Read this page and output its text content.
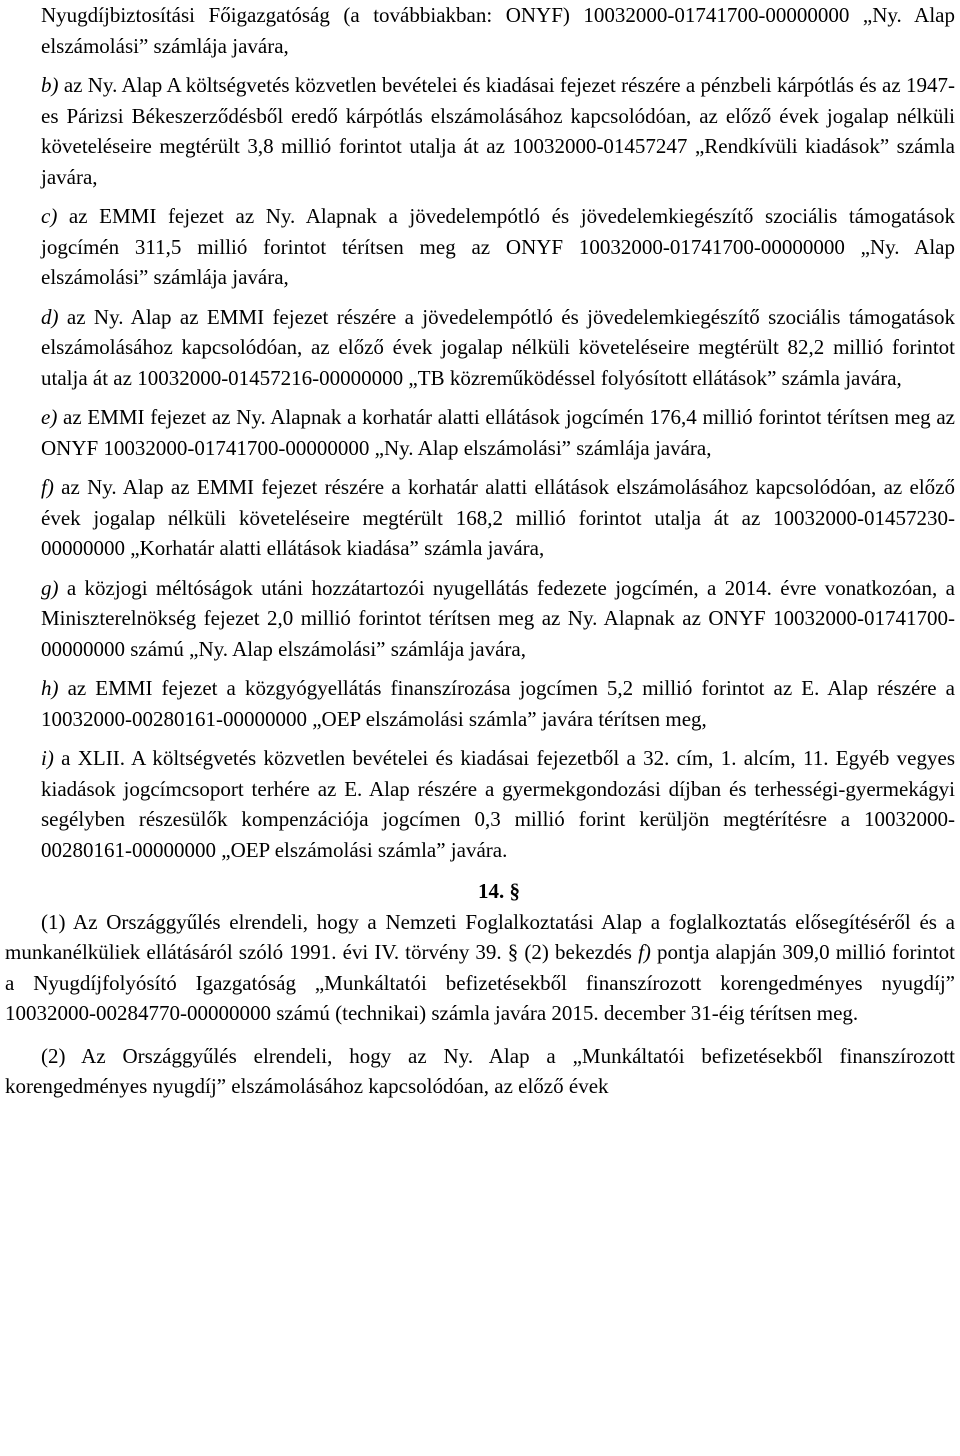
Nyugdíjbiztosítási Főigazgatóság (a továbbiakban: ONYF) 10032000-01741700-00000000 „Ny. Alap elszámolási” számlája javára,

b) az Ny. Alap A költségvetés közvetlen bevételei és kiadásai fejezet részére a pénzbeli kárpótlás és az 1947-es Párizsi Békeszerződésből eredő kárpótlás elszámolásához kapcsolódóan, az előző évek jogalap nélküli követeléseire megtérült 3,8 millió forintot utalja át az 10032000-01457247 „Rendkívüli kiadások” számla javára,

c) az EMMI fejezet az Ny. Alapnak a jövedelempótló és jövedelemkiegészítő szociális támogatások jogcímén 311,5 millió forintot térítsen meg az ONYF 10032000-01741700-00000000 „Ny. Alap elszámolási” számlája javára,

d) az Ny. Alap az EMMI fejezet részére a jövedelempótló és jövedelemkiegészítő szociális támogatások elszámolásához kapcsolódóan, az előző évek jogalap nélküli követeléseire megtérült 82,2 millió forintot utalja át az 10032000-01457216-00000000 „TB közreműködéssel folyósított ellátások” számla javára,

e) az EMMI fejezet az Ny. Alapnak a korhatár alatti ellátások jogcímén 176,4 millió forintot térítsen meg az ONYF 10032000-01741700-00000000 „Ny. Alap elszámolási” számlája javára,

f) az Ny. Alap az EMMI fejezet részére a korhatár alatti ellátások elszámolásához kapcsolódóan, az előző évek jogalap nélküli követeléseire megtérült 168,2 millió forintot utalja át az 10032000-01457230-00000000 „Korhatár alatti ellátások kiadása” számla javára,

g) a közjogi méltóságok utáni hozzátartozói nyugellátás fedezete jogcímén, a 2014. évre vonatkozóan, a Miniszterelnökség fejezet 2,0 millió forintot térítsen meg az Ny. Alapnak az ONYF 10032000-01741700-00000000 számú „Ny. Alap elszámolási” számlája javára,

h) az EMMI fejezet a közgyógyellátás finanszírozása jogcímen 5,2 millió forintot az E. Alap részére a 10032000-00280161-00000000 „OEP elszámolási számla” javára térítsen meg,

i) a XLII. A költségvetés közvetlen bevételei és kiadásai fejezetből a 32. cím, 1. alcím, 11. Egyéb vegyes kiadások jogcímcsoport terhére az E. Alap részére a gyermekgondozási díjban és terhességi-gyermekágyi segélyben részesülők kompenzációja jogcímen 0,3 millió forint kerüljön megtérítésre a 10032000-00280161-00000000 „OEP elszámolási számla” javára.

14. §

(1) Az Országgyűlés elrendeli, hogy a Nemzeti Foglalkoztatási Alap a foglalkoztatás elősegítéséről és a munkanélküliek ellátásáról szóló 1991. évi IV. törvény 39. § (2) bekezdés f) pontja alapján 309,0 millió forintot a Nyugdíjfolyósító Igazgatóság „Munkáltatói befizetésekből finanszírozott korengedményes nyugdíj” 10032000-00284770-00000000 számú (technikai) számla javára 2015. december 31-éig térítsen meg.

(2) Az Országgyűlés elrendeli, hogy az Ny. Alap a „Munkáltatói befizetésekből finanszírozott korengedményes nyugdíj” elszámolásához kapcsolódóan, az előző évek
